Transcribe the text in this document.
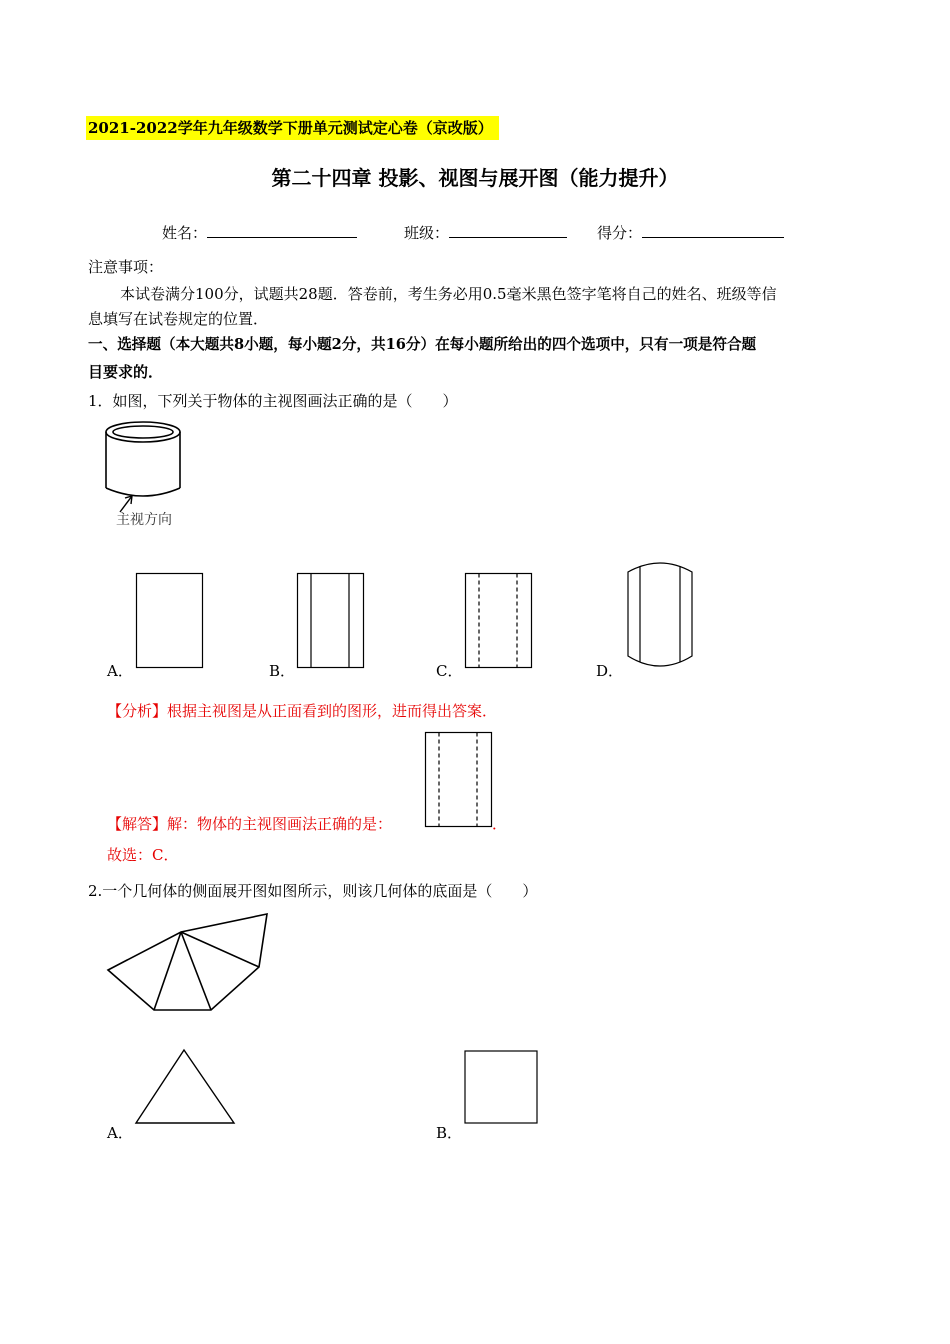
2021-2022学年九年级数学下册单元测试定心卷（京改版）
第二十四章 投影、视图与展开图（能力提升）
姓名：	班级：	得分：
注意事项：
本试卷满分100分，试题共28题．答卷前，考生务必用0.5毫米黑色签字笔将自己的姓名、班级等信
息填写在试卷规定的位置．
一、选择题（本大题共8小题，每小题2分，共16分）在每小题所给出的四个选项中，只有一项是符合题
目要求的．
1．如图，下列关于物体的主视图画法正确的是（　　）
主视方向
A．	B．	C．	D．
【分析】根据主视图是从正面看到的图形，进而得出答案．
【解答】解：物体的主视图画法正确的是：	．
故选：C．
2.一个几何体的侧面展开图如图所示，则该几何体的底面是（　　）
A．	B．
